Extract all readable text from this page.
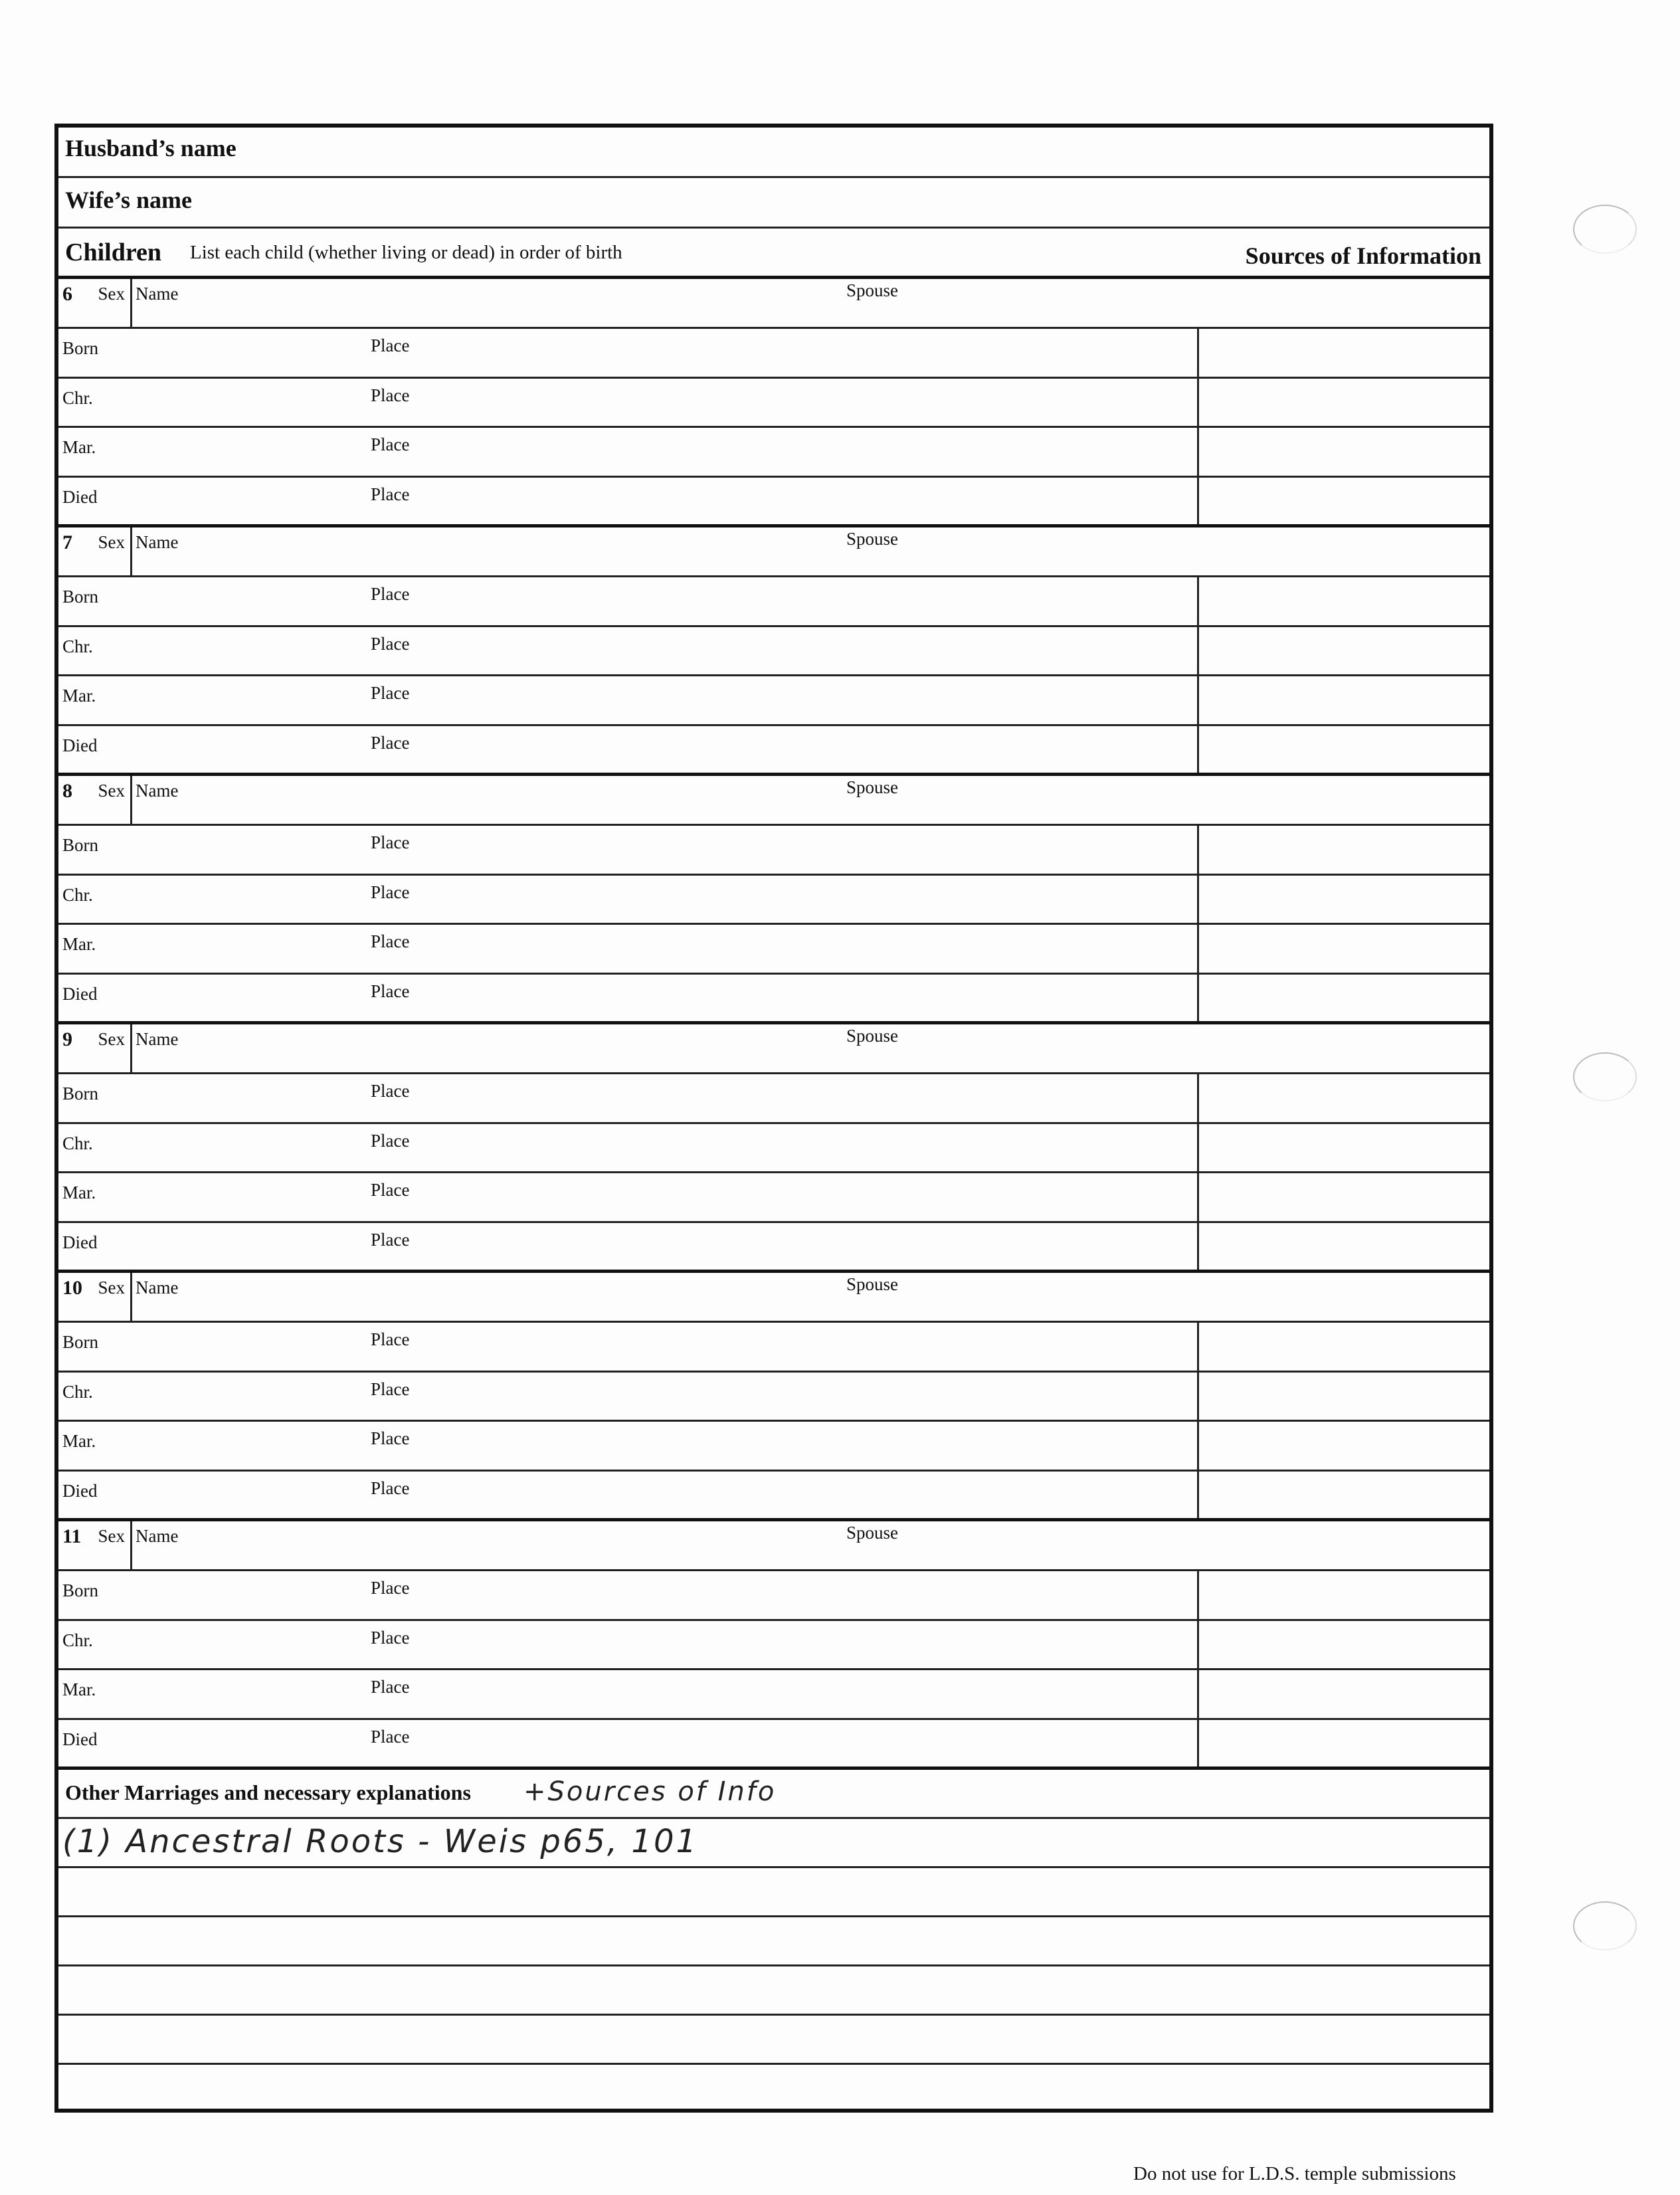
Husband’s name
Wife’s name
Children List each child (whether living or dead) in order of birth	Sources of Information
6 Sex Name	Spouse
Born	Place
Chr.	Place
Mar.	Place
Died	Place
7 Sex Name	Spouse
Born	Place
Chr.	Place
Mar.	Place
Died	Place
8 Sex Name	Spouse
Born	Place
Chr.	Place
Mar.	Place
Died	Place
9 Sex Name	Spouse
Born	Place
Chr.	Place
Mar.	Place
Died	Place
10 Sex Name	Spouse
Born	Place
Chr.	Place
Mar.	Place
Died	Place
11 Sex Name	Spouse
Born	Place
Chr.	Place
Mar.	Place
Died	Place
Other Marriages and necessary explanations +Sources of Info
(1) Ancestral Roots - Weis p65, 101
Do not use for L.D.S. temple submissions
